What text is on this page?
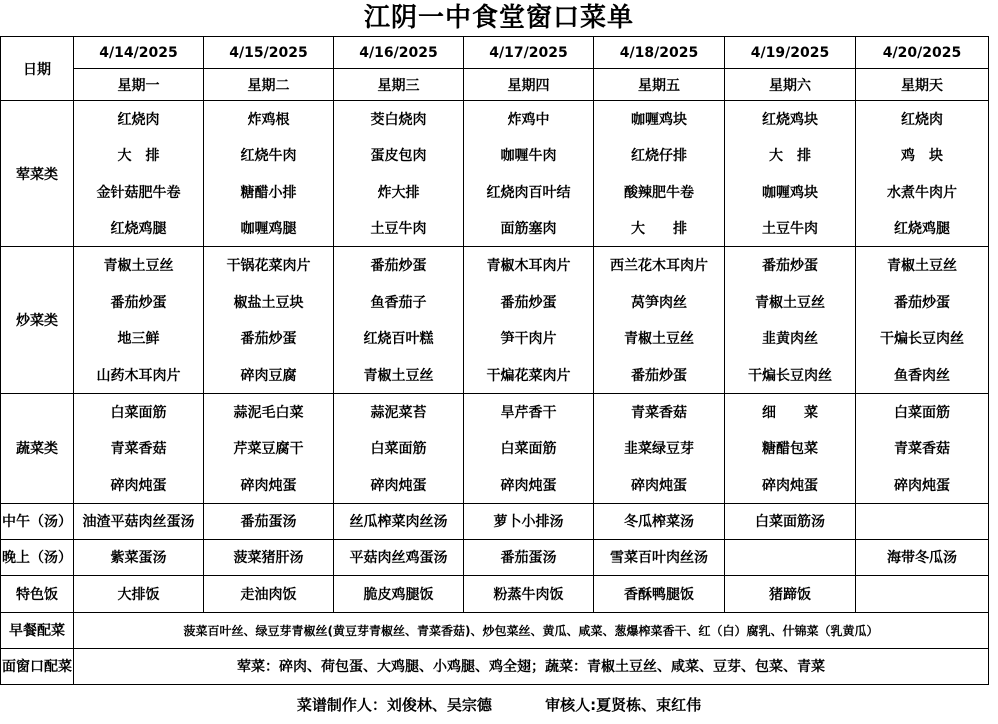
江阴一中食堂窗口菜单
日期	4/14/2025	4/15/2025	4/16/2025	4/17/2025	4/18/2025	4/19/2025	4/20/2025
	星期一	星期二	星期三	星期四	星期五	星期六	星期天
荤菜类	红烧肉	炸鸡根	茭白烧肉	炸鸡中	咖喱鸡块	红烧鸡块	红烧肉
	大　排	红烧牛肉	蛋皮包肉	咖喱牛肉	红烧仔排	大　排	鸡　块
	金针菇肥牛卷	糖醋小排	炸大排	红烧肉百叶结	酸辣肥牛卷	咖喱鸡块	水煮牛肉片
	红烧鸡腿	咖喱鸡腿	土豆牛肉	面筋塞肉	大　　排	土豆牛肉	红烧鸡腿
炒菜类	青椒土豆丝	干锅花菜肉片	番茄炒蛋	青椒木耳肉片	西兰花木耳肉片	番茄炒蛋	青椒土豆丝
	番茄炒蛋	椒盐土豆块	鱼香茄子	番茄炒蛋	莴笋肉丝	青椒土豆丝	番茄炒蛋
	地三鲜	番茄炒蛋	红烧百叶糕	笋干肉片	青椒土豆丝	韭黄肉丝	干煸长豆肉丝
	山药木耳肉片	碎肉豆腐	青椒土豆丝	干煸花菜肉片	番茄炒蛋	干煸长豆肉丝	鱼香肉丝
蔬菜类	白菜面筋	蒜泥毛白菜	蒜泥菜苔	旱芹香干	青菜香菇	细　　菜	白菜面筋
	青菜香菇	芹菜豆腐干	白菜面筋	白菜面筋	韭菜绿豆芽	糖醋包菜	青菜香菇
	碎肉炖蛋	碎肉炖蛋	碎肉炖蛋	碎肉炖蛋	碎肉炖蛋	碎肉炖蛋	碎肉炖蛋
中午（汤）	油渣平菇肉丝蛋汤	番茄蛋汤	丝瓜榨菜肉丝汤	萝卜小排汤	冬瓜榨菜汤	白菜面筋汤	
晚上（汤）	紫菜蛋汤	菠菜猪肝汤	平菇肉丝鸡蛋汤	番茄蛋汤	雪菜百叶肉丝汤		海带冬瓜汤
特色饭	大排饭	走油肉饭	脆皮鸡腿饭	粉蒸牛肉饭	香酥鸭腿饭	猪蹄饭	
早餐配菜	菠菜百叶丝、绿豆芽青椒丝(黄豆芽青椒丝、青菜香菇)、炒包菜丝、黄瓜、咸菜、葱爆榨菜香干、红（白）腐乳、什锦菜（乳黄瓜）						
面窗口配菜	荤菜：碎肉、荷包蛋、大鸡腿、小鸡腿、鸡全翅；蔬菜：青椒土豆丝、咸菜、豆芽、包菜、青菜						
菜谱制作人：刘俊林、吴宗德	审核人:夏贤栋、束红伟
